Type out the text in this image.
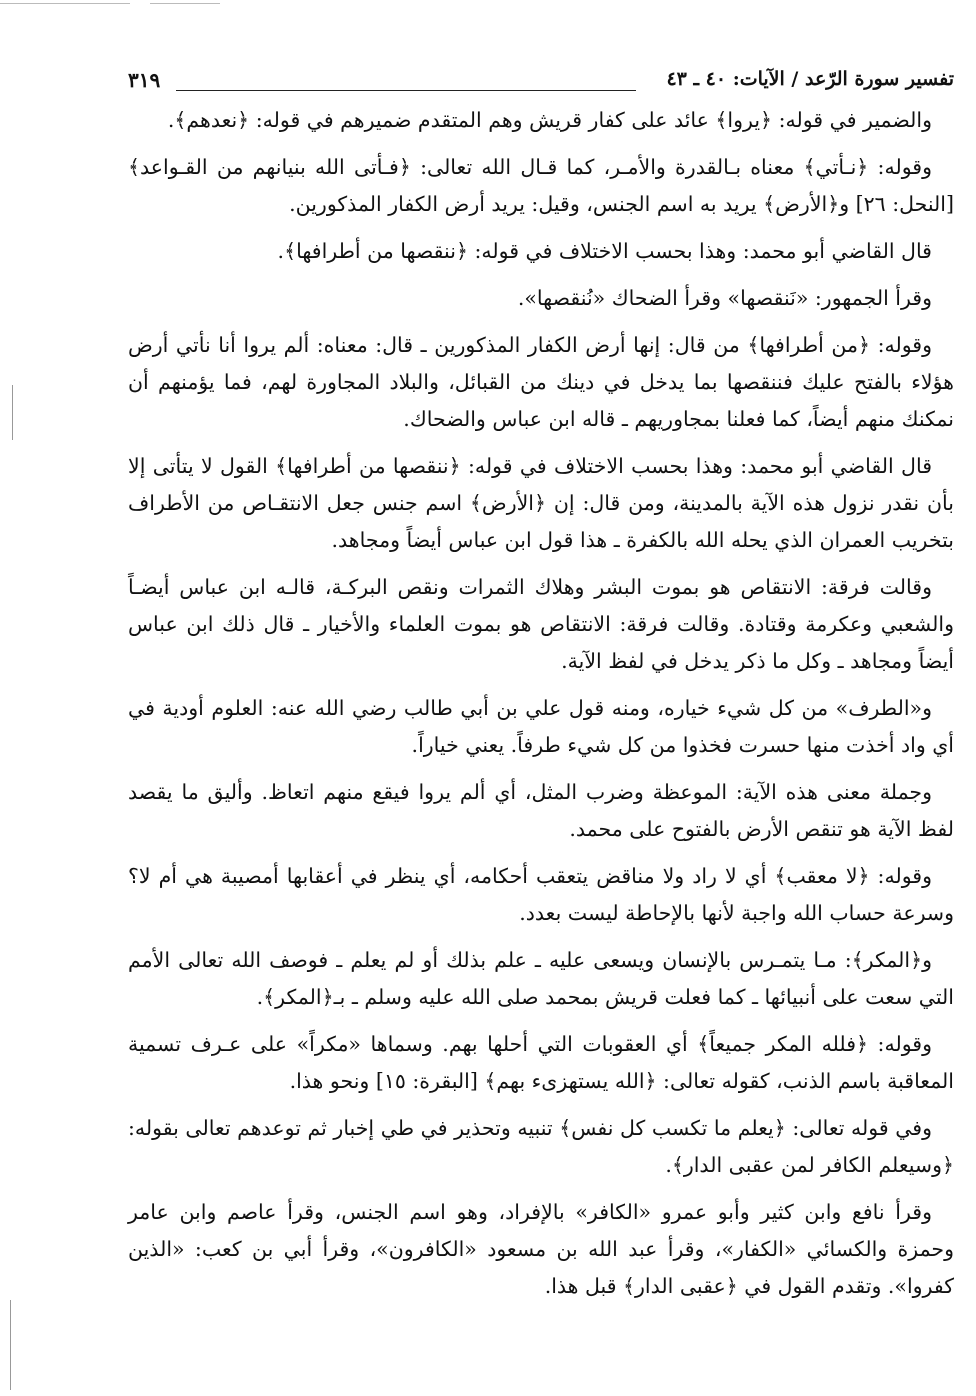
تفسير سورة الرّعد / الآيات: ٤٠ ـ ٤٣
٣١٩

والضمير في قوله: ﴿يروا﴾ عائد على كفار قريش وهم المتقدم ضميرهم في قوله: ﴿نعدهم﴾.

وقوله: ﴿نـأتي﴾ معناه بـالقدرة والأمـر، كما قـال الله تعالى: ﴿فـأتى الله بنيانهم من القـواعد﴾ [النحل: ٢٦] و﴿الأرض﴾ يريد به اسم الجنس، وقيل: يريد أرض الكفار المذكورين.

قال القاضي أبو محمد: وهذا بحسب الاختلاف في قوله: ﴿ننقصها من أطرافها﴾.

وقرأ الجمهور: «نَنقصها» وقرأ الضحاك «نُنقصها».

وقوله: ﴿من أطرافها﴾ من قال: إنها أرض الكفار المذكورين ـ قال: معناه: ألم يروا أنا نأتي أرض هؤلاء بالفتح عليك فننقصها بما يدخل في دينك من القبائل، والبلاد المجاورة لهم، فما يؤمنهم أن نمكنك منهم أيضاً، كما فعلنا بمجاوريهم ـ قاله ابن عباس والضحاك.

قال القاضي أبو محمد: وهذا بحسب الاختلاف في قوله: ﴿ننقصها من أطرافها﴾ القول لا يتأتى إلا بأن نقدر نزول هذه الآية بالمدينة، ومن قال: إن ﴿الأرض﴾ اسم جنس جعل الانتقـاص من الأطراف بتخريب العمران الذي يحله الله بالكفرة ـ هذا قول ابن عباس أيضاً ومجاهد.

وقالت فرقة: الانتقاص هو بموت البشر وهلاك الثمرات ونقص البركـة، قالـه ابن عباس أيضـاً والشعبي وعكرمة وقتادة. وقالت فرقة: الانتقاص هو بموت العلماء والأخيار ـ قال ذلك ابن عباس أيضاً ومجاهد ـ وكل ما ذكر يدخل في لفظ الآية.

و«الطرف» من كل شيء خياره، ومنه قول علي بن أبي طالب رضي الله عنه: العلوم أودية في أي واد أخذت منها حسرت فخذوا من كل شيء طرفاً. يعني خياراً.

وجملة معنى هذه الآية: الموعظة وضرب المثل، أي ألم يروا فيقع منهم اتعاظ. وأليق ما يقصد لفظ الآية هو تنقص الأرض بالفتوح على محمد.

وقوله: ﴿لا معقب﴾ أي لا راد ولا مناقض يتعقب أحكامه، أي ينظر في أعقابها أمصيبة هي أم لا؟ وسرعة حساب الله واجبة لأنها بالإحاطة ليست بعدد.

و﴿المكر﴾: مـا يتمـرس بالإنسان ويسعى عليه ـ علم بذلك أو لم يعلم ـ فوصف الله تعالى الأمم التي سعت على أنبيائها ـ كما فعلت قريش بمحمد صلى الله عليه وسلم ـ بـ﴿المكر﴾.

وقوله: ﴿فلله المكر جميعاً﴾ أي العقوبات التي أحلها بهم. وسماها «مكراً» على عـرف تسمية المعاقبة باسم الذنب، كقوله تعالى: ﴿الله يستهزىء بهم﴾ [البقرة: ١٥] ونحو هذا.

وفي قوله تعالى: ﴿يعلم ما تكسب كل نفس﴾ تنبيه وتحذير في طي إخبار ثم توعدهم تعالى بقوله: ﴿وسيعلم الكافر لمن عقبى الدار﴾.

وقرأ نافع وابن كثير وأبو عمرو «الكافر» بالإفراد، وهو اسم الجنس، وقرأ عاصم وابن عامر وحمزة والكسائي «الكفار»، وقرأ عبد الله بن مسعود «الكافرون»، وقرأ أبي بن كعب: «الذين كفروا». وتقدم القول في ﴿عقبى الدار﴾ قبل هذا.
